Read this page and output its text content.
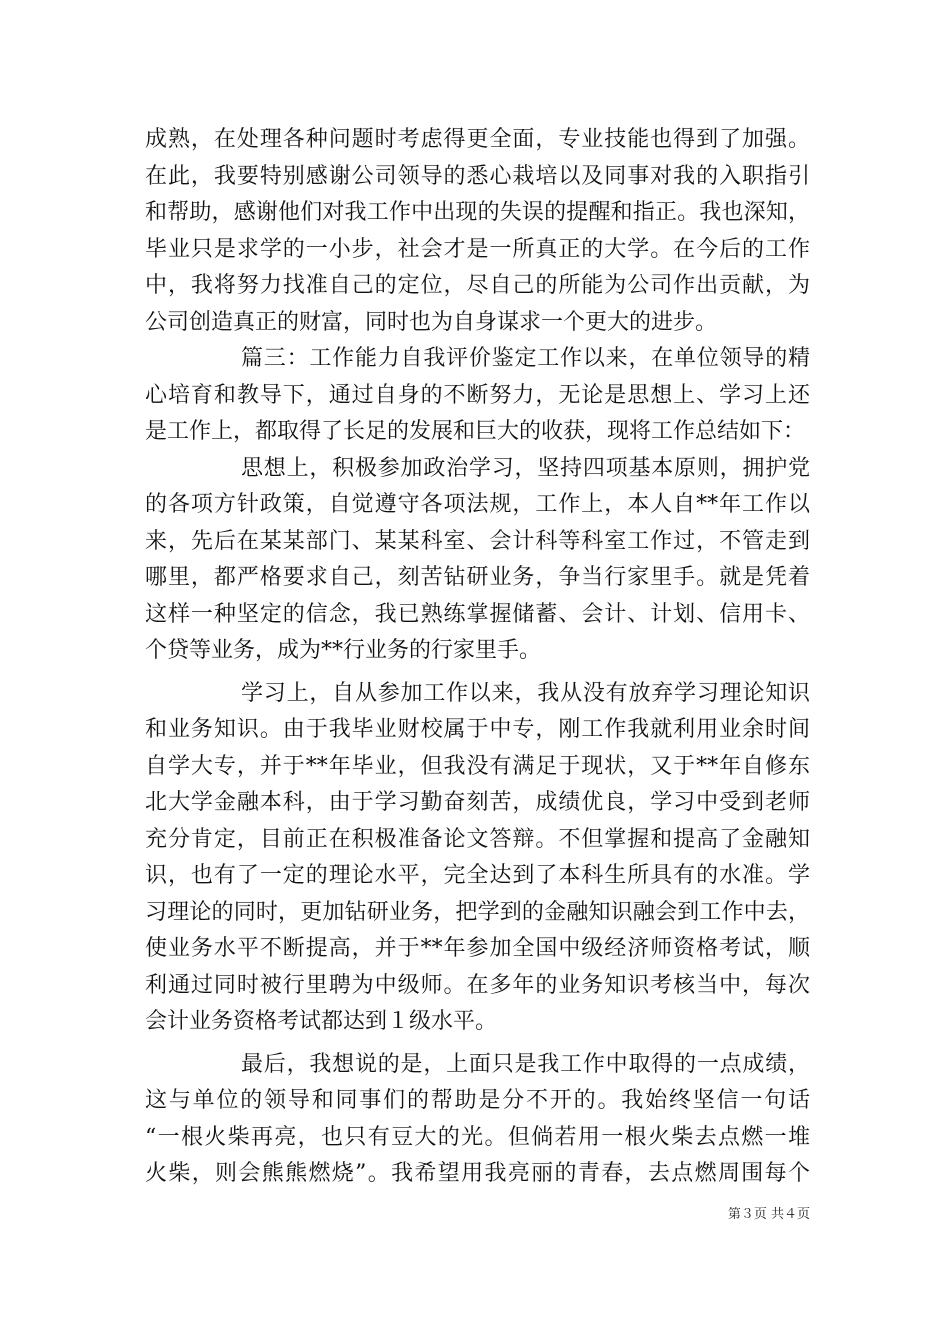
成熟，在处理各种问题时考虑得更全面，专业技能也得到了加强。
在此，我要特别感谢公司领导的悉心栽培以及同事对我的入职指引
和帮助，感谢他们对我工作中出现的失误的提醒和指正。我也深知，
毕业只是求学的一小步，社会才是一所真正的大学。在今后的工作
中，我将努力找准自己的定位，尽自己的所能为公司作出贡献，为
公司创造真正的财富，同时也为自身谋求一个更大的进步。
篇三：工作能力自我评价鉴定工作以来，在单位领导的精
心培育和教导下，通过自身的不断努力，无论是思想上、学习上还
是工作上，都取得了长足的发展和巨大的收获，现将工作总结如下：
思想上，积极参加政治学习，坚持四项基本原则，拥护党
的各项方针政策，自觉遵守各项法规，工作上，本人自**年工作以
来，先后在某某部门、某某科室、会计科等科室工作过，不管走到
哪里，都严格要求自己，刻苦钻研业务，争当行家里手。就是凭着
这样一种坚定的信念，我已熟练掌握储蓄、会计、计划、信用卡、
个贷等业务，成为**行业务的行家里手。
学习上，自从参加工作以来，我从没有放弃学习理论知识
和业务知识。由于我毕业财校属于中专，刚工作我就利用业余时间
自学大专，并于**年毕业，但我没有满足于现状，又于**年自修东
北大学金融本科，由于学习勤奋刻苦，成绩优良，学习中受到老师
充分肯定，目前正在积极准备论文答辩。不但掌握和提高了金融知
识，也有了一定的理论水平，完全达到了本科生所具有的水准。学
习理论的同时，更加钻研业务，把学到的金融知识融会到工作中去，
使业务水平不断提高，并于**年参加全国中级经济师资格考试，顺
利通过同时被行里聘为中级师。在多年的业务知识考核当中，每次
会计业务资格考试都达到１级水平。
最后，我想说的是，上面只是我工作中取得的一点成绩，
这与单位的领导和同事们的帮助是分不开的。我始终坚信一句话
“一根火柴再亮，也只有豆大的光。但倘若用一根火柴去点燃一堆
火柴，则会熊熊燃烧”。我希望用我亮丽的青春，去点燃周围每个
第３页 共４页
